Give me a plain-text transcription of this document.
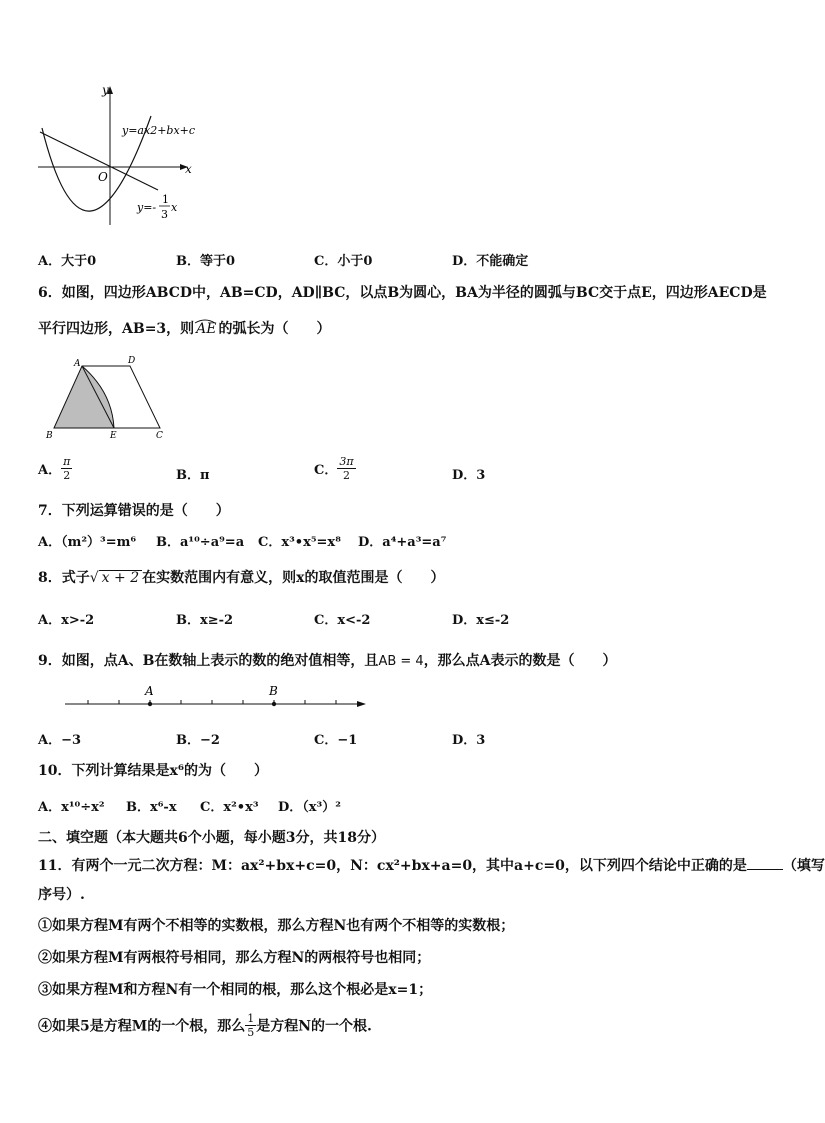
y
x
O
y=ax2+bx+c
y=-
1
3
x
A．大于0	B．等于0	C．小于0	D．不能确定
6．如图，四边形ABCD中，AB=CD，AD∥BC，以点B为圆心，BA为半径的圆弧与BC交于点E，四边形AECD是
平行四边形，AB=3，则 AE 的弧长为（　　）
A	D
B	E	C
A． $\frac{\pi}{2}$	B．π	C． $\frac{3\pi}{2}$	D．3
7．下列运算错误的是（　　）
A．（m²）³=m⁶ B．a¹⁰÷a⁹=a C．x³•x⁵=x⁸ D．a⁴+a³=a⁷
8．式子√ x + 2 在实数范围内有意义，则x的取值范围是（　　）
A．x>-2	B．x≥-2	C．x<-2	D．x≤-2
9．如图，点A、B在数轴上表示的数的绝对值相等，且AB = 4，那么点A表示的数是（　　）
A	B
A．−3	B．−2	C．−1	D．3
10．下列计算结果是x⁶的为（　　）
A．x¹⁰÷x² B．x⁶-x C．x²•x³ D．（x³）²
二、填空题（本大题共6个小题，每小题3分，共18分）
11．有两个一元二次方程：M：ax²+bx+c=0，N：cx²+bx+a=0，其中a+c=0，以下列四个结论中正确的是	（填写
序号）.
①如果方程M有两个不相等的实数根，那么方程N也有两个不相等的实数根；
②如果方程M有两根符号相同，那么方程N的两根符号也相同；
③如果方程M和方程N有一个相同的根，那么这个根必是x=1；
④如果5是方程M的一个根，那么 $\frac{1}{5}$ 是方程N的一个根.
